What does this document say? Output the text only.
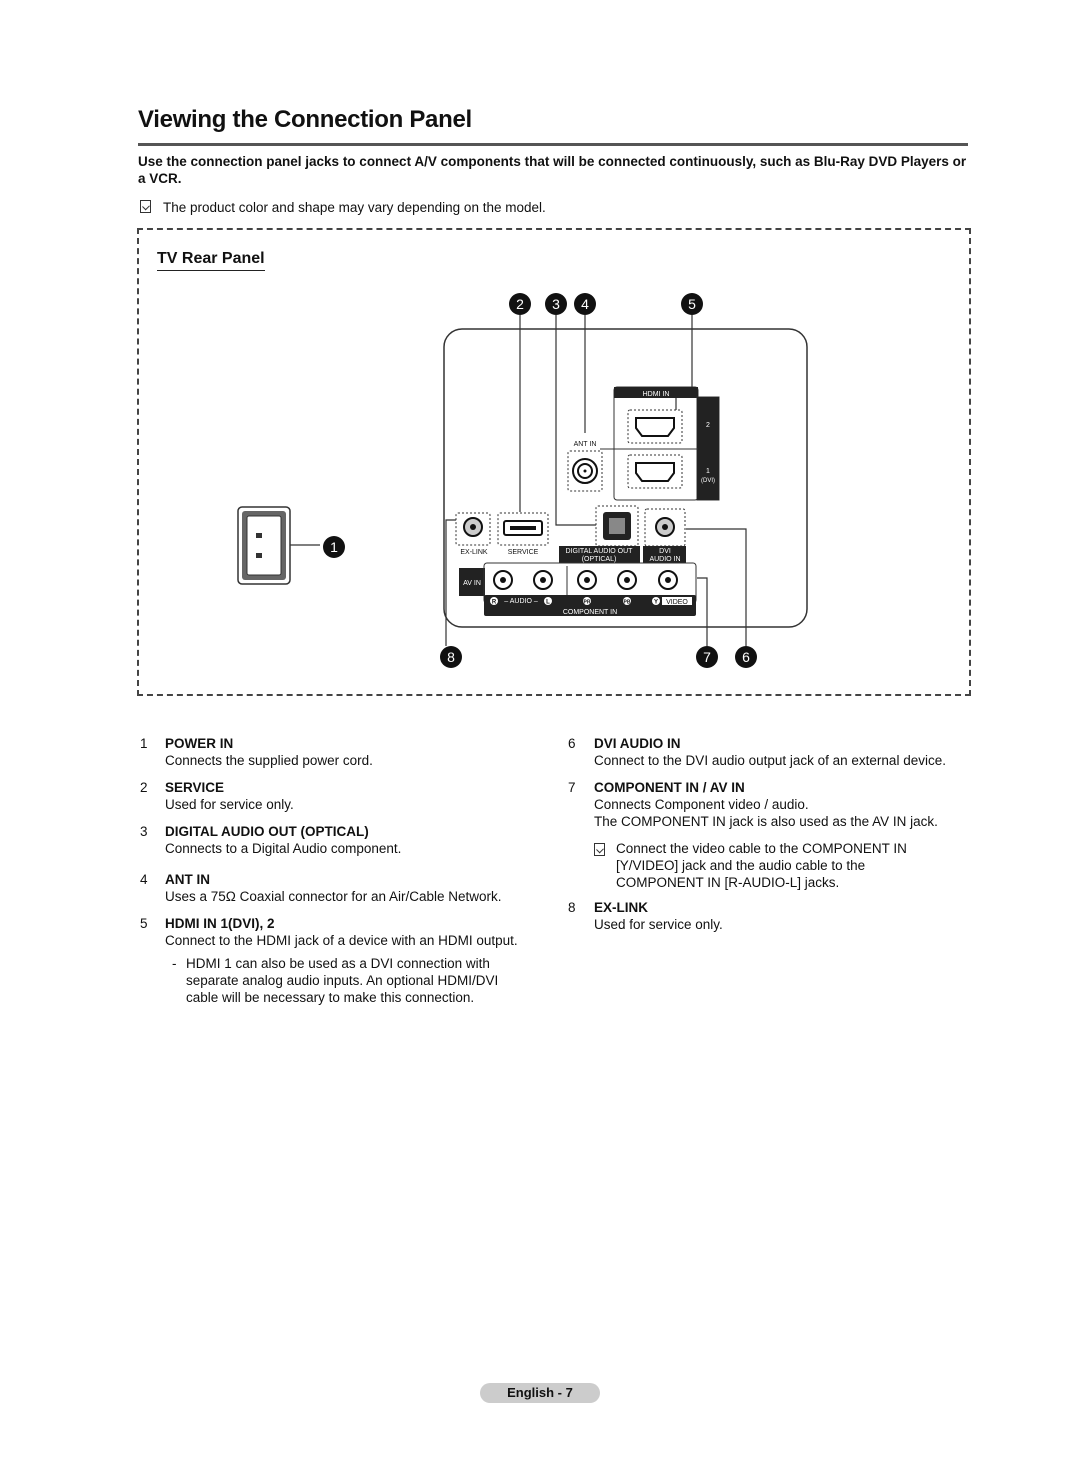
Viewing the Connection Panel
Use the connection panel jacks to connect A/V components that will be connected continuously, such as Blu-Ray DVD Players or a VCR.
The product color and shape may vary depending on the model.
TV Rear Panel
1
2 3 4	5
6
7
8
HDMI IN
2
1
(DVI)
ANT IN
EX-LINK	SERVICE	DIGITAL AUDIO OUT
(OPTICAL)
DVI
AUDIO IN
AV IN
R – AUDIO – L	PR	PB	Y VIDEO
COMPONENT IN
1 POWER IN
Connects the supplied power cord.
2 SERVICE
Used for service only.
3 DIGITAL AUDIO OUT (OPTICAL)
Connects to a Digital Audio component.
4 ANT IN
Uses a 75Ω Coaxial connector for an Air/Cable Network.
5 HDMI IN 1(DVI), 2
Connect to the HDMI jack of a device with an HDMI output.
- HDMI 1 can also be used as a DVI connection with
separate analog audio inputs. An optional HDMI/DVI
cable will be necessary to make this connection.
6 DVI AUDIO IN
Connect to the DVI audio output jack of an external device.
7 COMPONENT IN / AV IN
Connects Component video / audio.
The COMPONENT IN jack is also used as the AV IN jack.
Connect the video cable to the COMPONENT IN
[Y/VIDEO] jack and the audio cable to the
COMPONENT IN [R-AUDIO-L] jacks.
8 EX-LINK
Used for service only.
English - 7
